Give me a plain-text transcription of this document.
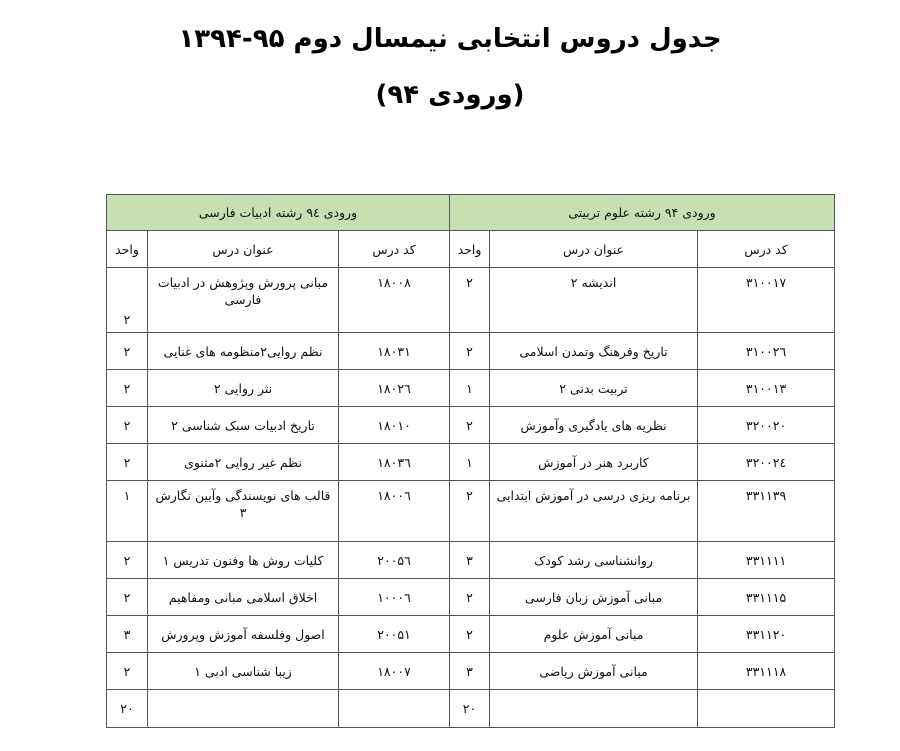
جدول دروس انتخابی نیمسال دوم ۹۵-۱۳۹۴
(ورودی ۹۴)
ورودی ۹۴ رشته علوم تربیتی			ورودی ۹٤ رشته ادبیات فارسی		
کد درس	عنوان درس	واحد	کد درس	عنوان درس	واحد
۳۱۰۰۱۷	اندیشه ۲	۲	۱۸۰۰۸	مبانی پرورش وپژوهش در ادبیات فارسی	۲
۳۱۰۰۲٦	تاریخ وفرهنگ وتمدن اسلامی	۲	۱۸۰۳۱	نظم روایی۲منظومه های غنایی	۲
۳۱۰۰۱۳	تربیت بدنی ۲	۱	۱۸۰۲٦	نثر روایی ۲	۲
۳۲۰۰۲۰	نظریه های یادگیری وآموزش	۲	۱۸۰۱۰	تاریخ ادبیات سبک شناسی ۲	۲
۳۲۰۰۲٤	کاربرد هنر در آموزش	۱	۱۸۰۳٦	نظم غیر روایی ۲مثنوی	۲
۳۳۱۱۳۹	برنامه ریزی درسی در آموزش ابتدایی	۲	۱۸۰۰٦	قالب های نویسندگی وآیین نگارش ۳	۱
۳۳۱۱۱۱	روانشناسی رشد کودک	۳	۲۰۰۵٦	کلیات روش ها وفنون تدریس ۱	۲
۳۳۱۱۱۵	مبانی آموزش زبان فارسی	۲	۱۰۰۰٦	اخلاق اسلامی مبانی ومفاهیم	۲
۳۳۱۱۲۰	مبانی آموزش علوم	۲	۲۰۰۵۱	اصول وفلسفه آموزش وپرورش	۳
۳۳۱۱۱۸	مبانی آموزش ریاضی	۳	۱۸۰۰۷	زیبا شناسی ادبی ۱	۲
		۲۰			۲۰
